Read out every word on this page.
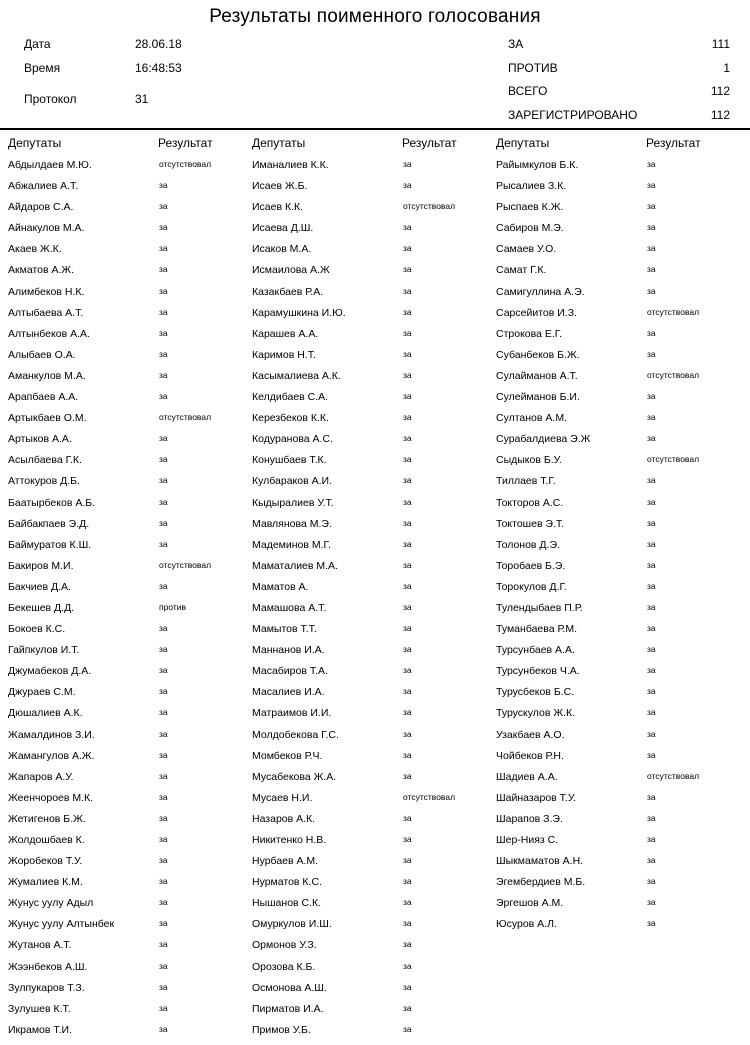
Результаты поименного голосования
Дата	28.06.18
Время	16:48:53
Протокол	31
ЗА	111
ПРОТИВ	1
ВСЕГО	112
ЗАРЕГИСТРИРОВАНО	112
Депутаты	Результат
Абдылдаев М.Ю.	отсутствовал
Абжалиев А.Т.	за
Айдаров С.А.	за
Айнакулов М.А.	за
Акаев Ж.К.	за
Акматов А.Ж.	за
Алимбеков Н.К.	за
Алтыбаева А.Т.	за
Алтынбеков А.А.	за
Алыбаев О.А.	за
Аманкулов М.А.	за
Арапбаев А.А.	за
Артыкбаев О.М.	отсутствовал
Артыков А.А.	за
Асылбаева Г.К.	за
Аттокуров Д.Б.	за
Баатырбеков А.Б.	за
Байбакпаев Э.Д.	за
Баймуратов К.Ш.	за
Бакиров М.И.	отсутствовал
Бакчиев Д.А.	за
Бекешев Д.Д.	против
Бокоев К.С.	за
Гайпкулов И.Т.	за
Джумабеков Д.А.	за
Джураев С.М.	за
Дюшалиев А.К.	за
Жамалдинов З.И.	за
Жамангулов А.Ж.	за
Жапаров А.У.	за
Жеенчороев М.К.	за
Жетигенов Б.Ж.	за
Жолдошбаев К.	за
Жоробеков Т.У.	за
Жумалиев К.М.	за
Жунус уулу Адыл	за
Жунус уулу Алтынбек	за
Жутанов А.Т.	за
Жээнбеков А.Ш.	за
Зулпукаров Т.З.	за
Зулушев К.Т.	за
Икрамов Т.И.	за
Депутаты	Результат
Иманалиев К.К.	за
Исаев Ж.Б.	за
Исаев К.К.	отсутствовал
Исаева Д.Ш.	за
Исаков М.А.	за
Исмаилова А.Ж	за
Казакбаев Р.А.	за
Карамушкина И.Ю.	за
Карашев А.А.	за
Каримов Н.Т.	за
Касымалиева А.К.	за
Келдибаев С.А.	за
Керезбеков К.К.	за
Кодуранова А.С.	за
Конушбаев Т.К.	за
Кулбараков А.И.	за
Кыдыралиев У.Т.	за
Мавлянова М.Э.	за
Мадеминов М.Г.	за
Маматалиев М.А.	за
Маматов А.	за
Мамашова А.Т.	за
Мамытов Т.Т.	за
Маннанов И.А.	за
Масабиров Т.А.	за
Масалиев И.А.	за
Матраимов И.И.	за
Молдобекова Г.С.	за
Момбеков Р.Ч.	за
Мусабекова Ж.А.	за
Мусаев Н.И.	отсутствовал
Назаров А.К.	за
Никитенко Н.В.	за
Нурбаев А.М.	за
Нурматов К.С.	за
Нышанов С.К.	за
Омуркулов И.Ш.	за
Ормонов У.З.	за
Орозова К.Б.	за
Осмонова А.Ш.	за
Пирматов И.А.	за
Примов У.Б.	за
Депутаты	Результат
Райымкулов Б.К.	за
Рысалиев З.К.	за
Рыспаев К.Ж.	за
Сабиров М.Э.	за
Самаев У.О.	за
Самат Г.К.	за
Самигуллина А.Э.	за
Сарсейитов И.З.	отсутствовал
Строкова Е.Г.	за
Субанбеков Б.Ж.	за
Сулайманов А.Т.	отсутствовал
Сулейманов Б.И.	за
Султанов А.М.	за
Сурабалдиева Э.Ж	за
Сыдыков Б.У.	отсутствовал
Тиллаев Т.Г.	за
Токторов А.С.	за
Токтошев Э.Т.	за
Толонов Д.Э.	за
Торобаев Б.Э.	за
Торокулов Д.Г.	за
Тулендыбаев П.Р.	за
Туманбаева Р.М.	за
Турсунбаев А.А.	за
Турсунбеков Ч.А.	за
Турусбеков Б.С.	за
Турускулов Ж.К.	за
Узакбаев А.О.	за
Чойбеков Р.Н.	за
Шадиев А.А.	отсутствовал
Шайназаров Т.У.	за
Шарапов З.Э.	за
Шер-Нияз С.	за
Шыкмаматов А.Н.	за
Эгембердиев М.Б.	за
Эргешов А.М.	за
Юсуров А.Л.	за
